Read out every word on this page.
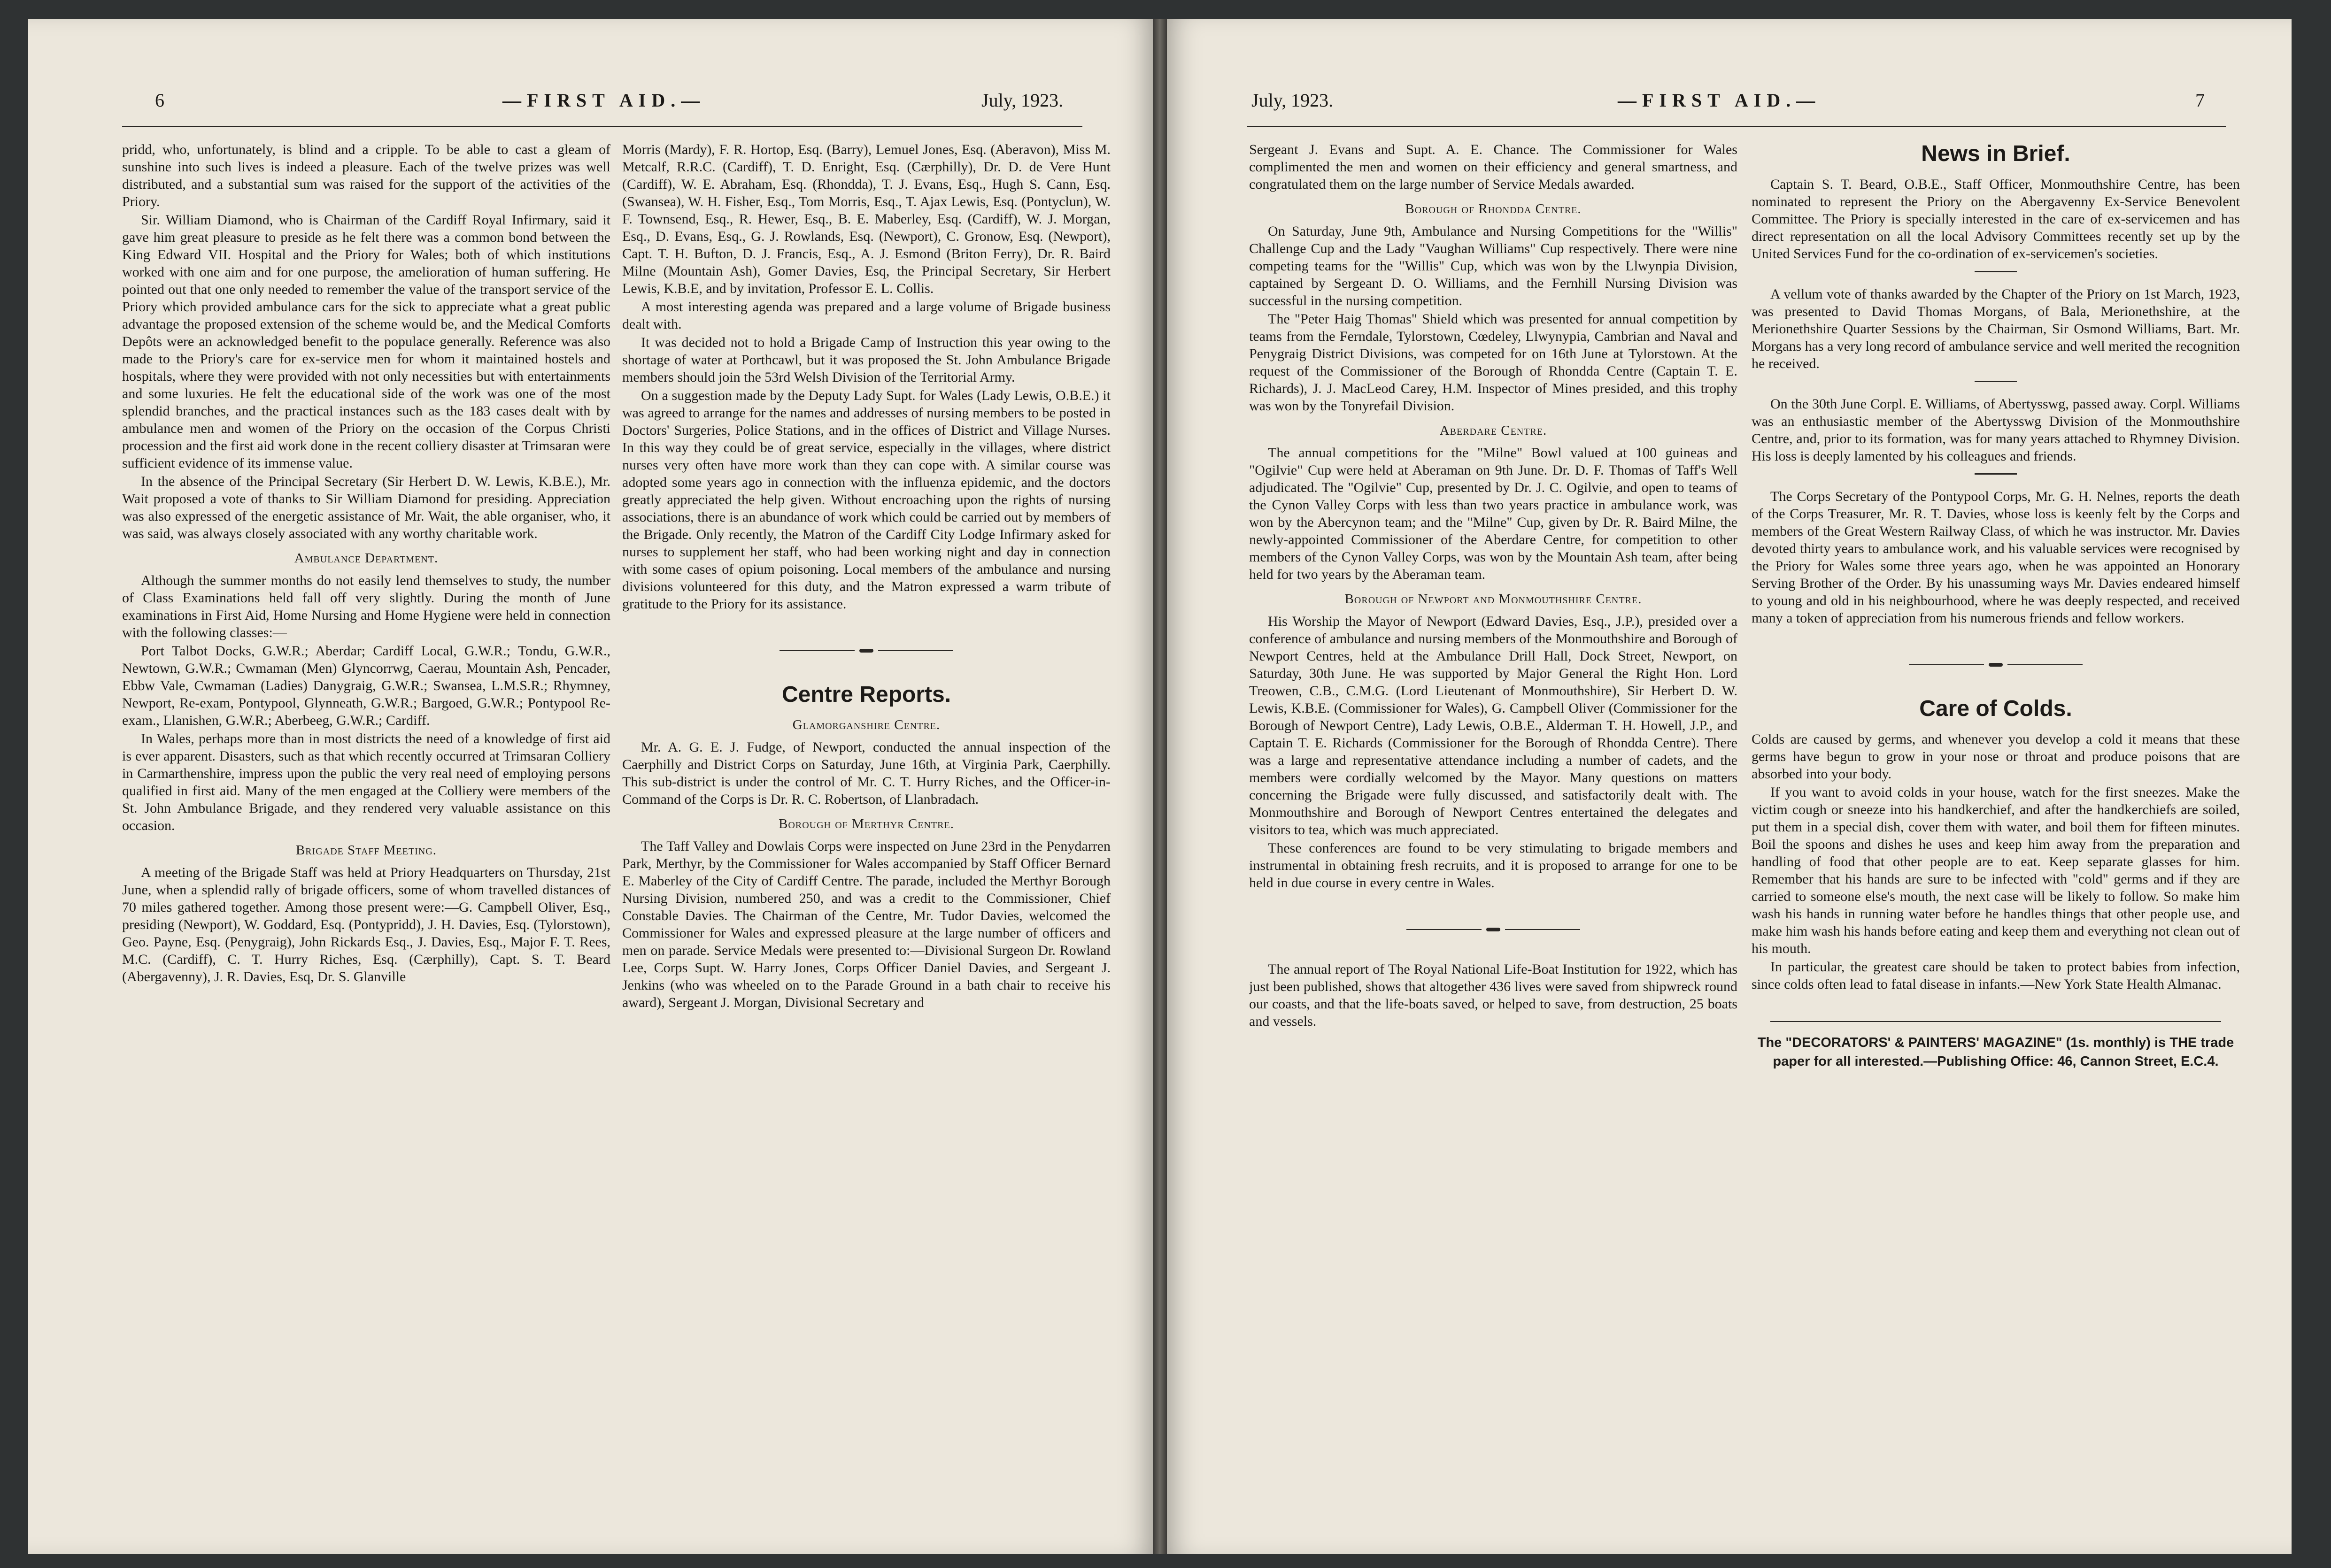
6	—FIRST AID.—	July, 1923.

pridd, who, unfortunately, is blind and a cripple. To be able to cast a gleam of sunshine into such lives is indeed a pleasure. Each of the twelve prizes was well distributed, and a substantial sum was raised for the support of the activities of the Priory.

Sir. William Diamond, who is Chairman of the Cardiff Royal Infirmary, said it gave him great pleasure to preside as he felt there was a common bond between the King Edward VII. Hospital and the Priory for Wales; both of which institutions worked with one aim and for one purpose, the amelioration of human suffering. He pointed out that one only needed to remember the value of the transport service of the Priory which provided ambulance cars for the sick to appreciate what a great public advantage the proposed extension of the scheme would be, and the Medical Comforts Depôts were an acknowledged benefit to the populace generally. Reference was also made to the Priory's care for ex-service men for whom it maintained hostels and hospitals, where they were provided with not only necessities but with entertainments and some luxuries. He felt the educational side of the work was one of the most splendid branches, and the practical instances such as the 183 cases dealt with by ambulance men and women of the Priory on the occasion of the Corpus Christi procession and the first aid work done in the recent colliery disaster at Trimsaran were sufficient evidence of its immense value.

In the absence of the Principal Secretary (Sir Herbert D. W. Lewis, K.B.E.), Mr. Wait proposed a vote of thanks to Sir William Diamond for presiding. Appreciation was also expressed of the energetic assistance of Mr. Wait, the able organiser, who, it was said, was always closely associated with any worthy charitable work.

Ambulance Department.

Although the summer months do not easily lend themselves to study, the number of Class Examinations held fall off very slightly. During the month of June examinations in First Aid, Home Nursing and Home Hygiene were held in connection with the following classes:—

Port Talbot Docks, G.W.R.; Aberdar; Cardiff Local, G.W.R.; Tondu, G.W.R., Newtown, G.W.R.; Cwmaman (Men) Glyncorrwg, Caerau, Mountain Ash, Pencader, Ebbw Vale, Cwmaman (Ladies) Danygraig, G.W.R.; Swansea, L.M.S.R.; Rhymney, Newport, Re-exam, Pontypool, Glynneath, G.W.R.; Bargoed, G.W.R.; Pontypool Re-exam., Llanishen, G.W.R.; Aberbeeg, G.W.R.; Cardiff.

In Wales, perhaps more than in most districts the need of a knowledge of first aid is ever apparent. Disasters, such as that which recently occurred at Trimsaran Colliery in Carmarthenshire, impress upon the public the very real need of employing persons qualified in first aid. Many of the men engaged at the Colliery were members of the St. John Ambulance Brigade, and they rendered very valuable assistance on this occasion.

Brigade Staff Meeting.

A meeting of the Brigade Staff was held at Priory Headquarters on Thursday, 21st June, when a splendid rally of brigade officers, some of whom travelled distances of 70 miles gathered together. Among those present were:—G. Campbell Oliver, Esq., presiding (Newport), W. Goddard, Esq. (Pontypridd), J. H. Davies, Esq. (Tylorstown), Geo. Payne, Esq. (Penygraig), John Rickards Esq., J. Davies, Esq., Major F. T. Rees, M.C. (Cardiff), C. T. Hurry Riches, Esq. (Cærphilly), Capt. S. T. Beard (Abergavenny), J. R. Davies, Esq, Dr. S. Glanville

Morris (Mardy), F. R. Hortop, Esq. (Barry), Lemuel Jones, Esq. (Aberavon), Miss M. Metcalf, R.R.C. (Cardiff), T. D. Enright, Esq. (Cærphilly), Dr. D. de Vere Hunt (Cardiff), W. E. Abraham, Esq. (Rhondda), T. J. Evans, Esq., Hugh S. Cann, Esq. (Swansea), W. H. Fisher, Esq., Tom Morris, Esq., T. Ajax Lewis, Esq. (Pontyclun), W. F. Townsend, Esq., R. Hewer, Esq., B. E. Maberley, Esq. (Cardiff), W. J. Morgan, Esq., D. Evans, Esq., G. J. Rowlands, Esq. (Newport), C. Gronow, Esq. (Newport), Capt. T. H. Bufton, D. J. Francis, Esq., A. J. Esmond (Briton Ferry), Dr. R. Baird Milne (Mountain Ash), Gomer Davies, Esq, the Principal Secretary, Sir Herbert Lewis, K.B.E, and by invitation, Professor E. L. Collis.

A most interesting agenda was prepared and a large volume of Brigade business dealt with.

It was decided not to hold a Brigade Camp of Instruction this year owing to the shortage of water at Porthcawl, but it was proposed the St. John Ambulance Brigade members should join the 53rd Welsh Division of the Territorial Army.

On a suggestion made by the Deputy Lady Supt. for Wales (Lady Lewis, O.B.E.) it was agreed to arrange for the names and addresses of nursing members to be posted in Doctors' Surgeries, Police Stations, and in the offices of District and Village Nurses. In this way they could be of great service, especially in the villages, where district nurses very often have more work than they can cope with. A similar course was adopted some years ago in connection with the influenza epidemic, and the doctors greatly appreciated the help given. Without encroaching upon the rights of nursing associations, there is an abundance of work which could be carried out by members of the Brigade. Only recently, the Matron of the Cardiff City Lodge Infirmary asked for nurses to supplement her staff, who had been working night and day in connection with some cases of opium poisoning. Local members of the ambulance and nursing divisions volunteered for this duty, and the Matron expressed a warm tribute of gratitude to the Priory for its assistance.

Centre Reports.
Glamorganshire Centre.

Mr. A. G. E. J. Fudge, of Newport, conducted the annual inspection of the Caerphilly and District Corps on Saturday, June 16th, at Virginia Park, Caerphilly. This sub-district is under the control of Mr. C. T. Hurry Riches, and the Officer-in-Command of the Corps is Dr. R. C. Robertson, of Llanbradach.

Borough of Merthyr Centre.

The Taff Valley and Dowlais Corps were inspected on June 23rd in the Penydarren Park, Merthyr, by the Commissioner for Wales accompanied by Staff Officer Bernard E. Maberley of the City of Cardiff Centre. The parade, included the Merthyr Borough Nursing Division, numbered 250, and was a credit to the Commissioner, Chief Constable Davies. The Chairman of the Centre, Mr. Tudor Davies, welcomed the Commissioner for Wales and expressed pleasure at the large number of officers and men on parade. Service Medals were presented to:—Divisional Surgeon Dr. Rowland Lee, Corps Supt. W. Harry Jones, Corps Officer Daniel Davies, and Sergeant J. Jenkins (who was wheeled on to the Parade Ground in a bath chair to receive his award), Sergeant J. Morgan, Divisional Secretary and

July, 1923.	—FIRST AID.—	7

Sergeant J. Evans and Supt. A. E. Chance. The Commissioner for Wales complimented the men and women on their efficiency and general smartness, and congratulated them on the large number of Service Medals awarded.

Borough of Rhondda Centre.

On Saturday, June 9th, Ambulance and Nursing Competitions for the "Willis" Challenge Cup and the Lady "Vaughan Williams" Cup respectively. There were nine competing teams for the "Willis" Cup, which was won by the Llwynpia Division, captained by Sergeant D. O. Williams, and the Fernhill Nursing Division was successful in the nursing competition.

The "Peter Haig Thomas" Shield which was presented for annual competition by teams from the Ferndale, Tylorstown, Cœdeley, Llwynypia, Cambrian and Naval and Penygraig District Divisions, was competed for on 16th June at Tylorstown. At the request of the Commissioner of the Borough of Rhondda Centre (Captain T. E. Richards), J. J. MacLeod Carey, H.M. Inspector of Mines presided, and this trophy was won by the Tonyrefail Division.

Aberdare Centre.

The annual competitions for the "Milne" Bowl valued at 100 guineas and "Ogilvie" Cup were held at Aberaman on 9th June. Dr. D. F. Thomas of Taff's Well adjudicated. The "Ogilvie" Cup, presented by Dr. J. C. Ogilvie, and open to teams of the Cynon Valley Corps with less than two years practice in ambulance work, was won by the Abercynon team; and the "Milne" Cup, given by Dr. R. Baird Milne, the newly-appointed Commissioner of the Aberdare Centre, for competition to other members of the Cynon Valley Corps, was won by the Mountain Ash team, after being held for two years by the Aberaman team.

Borough of Newport and Monmouthshire Centre.

His Worship the Mayor of Newport (Edward Davies, Esq., J.P.), presided over a conference of ambulance and nursing members of the Monmouthshire and Borough of Newport Centres, held at the Ambulance Drill Hall, Dock Street, Newport, on Saturday, 30th June. He was supported by Major General the Right Hon. Lord Treowen, C.B., C.M.G. (Lord Lieutenant of Monmouthshire), Sir Herbert D. W. Lewis, K.B.E. (Commissioner for Wales), G. Campbell Oliver (Commissioner for the Borough of Newport Centre), Lady Lewis, O.B.E., Alderman T. H. Howell, J.P., and Captain T. E. Richards (Commissioner for the Borough of Rhondda Centre). There was a large and representative attendance including a number of cadets, and the members were cordially welcomed by the Mayor. Many questions on matters concerning the Brigade were fully discussed, and satisfactorily dealt with. The Monmouthshire and Borough of Newport Centres entertained the delegates and visitors to tea, which was much appreciated.

These conferences are found to be very stimulating to brigade members and instrumental in obtaining fresh recruits, and it is proposed to arrange for one to be held in due course in every centre in Wales.

The annual report of The Royal National Life-Boat Institution for 1922, which has just been published, shows that altogether 436 lives were saved from shipwreck round our coasts, and that the life-boats saved, or helped to save, from destruction, 25 boats and vessels.

News in Brief.

Captain S. T. Beard, O.B.E., Staff Officer, Monmouthshire Centre, has been nominated to represent the Priory on the Abergavenny Ex-Service Benevolent Committee. The Priory is specially interested in the care of ex-servicemen and has direct representation on all the local Advisory Committees recently set up by the United Services Fund for the co-ordination of ex-servicemen's societies.

A vellum vote of thanks awarded by the Chapter of the Priory on 1st March, 1923, was presented to David Thomas Morgans, of Bala, Merionethshire, at the Merionethshire Quarter Sessions by the Chairman, Sir Osmond Williams, Bart. Mr. Morgans has a very long record of ambulance service and well merited the recognition he received.

On the 30th June Corpl. E. Williams, of Abertysswg, passed away. Corpl. Williams was an enthusiastic member of the Abertysswg Division of the Monmouthshire Centre, and, prior to its formation, was for many years attached to Rhymney Division. His loss is deeply lamented by his colleagues and friends.

The Corps Secretary of the Pontypool Corps, Mr. G. H. Nelnes, reports the death of the Corps Treasurer, Mr. R. T. Davies, whose loss is keenly felt by the Corps and members of the Great Western Railway Class, of which he was instructor. Mr. Davies devoted thirty years to ambulance work, and his valuable services were recognised by the Priory for Wales some three years ago, when he was appointed an Honorary Serving Brother of the Order. By his unassuming ways Mr. Davies endeared himself to young and old in his neighbourhood, where he was deeply respected, and received many a token of appreciation from his numerous friends and fellow workers.

Care of Colds.

Colds are caused by germs, and whenever you develop a cold it means that these germs have begun to grow in your nose or throat and produce poisons that are absorbed into your body.

If you want to avoid colds in your house, watch for the first sneezes. Make the victim cough or sneeze into his handkerchief, and after the handkerchiefs are soiled, put them in a special dish, cover them with water, and boil them for fifteen minutes. Boil the spoons and dishes he uses and keep him away from the preparation and handling of food that other people are to eat. Keep separate glasses for him. Remember that his hands are sure to be infected with "cold" germs and if they are carried to someone else's mouth, the next case will be likely to follow. So make him wash his hands in running water before he handles things that other people use, and make him wash his hands before eating and keep them and everything not clean out of his mouth.

In particular, the greatest care should be taken to protect babies from infection, since colds often lead to fatal disease in infants.—New York State Health Almanac.

The "DECORATORS' & PAINTERS' MAGAZINE" (1s. monthly) is THE trade paper for all interested.—Publishing Office: 46, Cannon Street, E.C.4.
